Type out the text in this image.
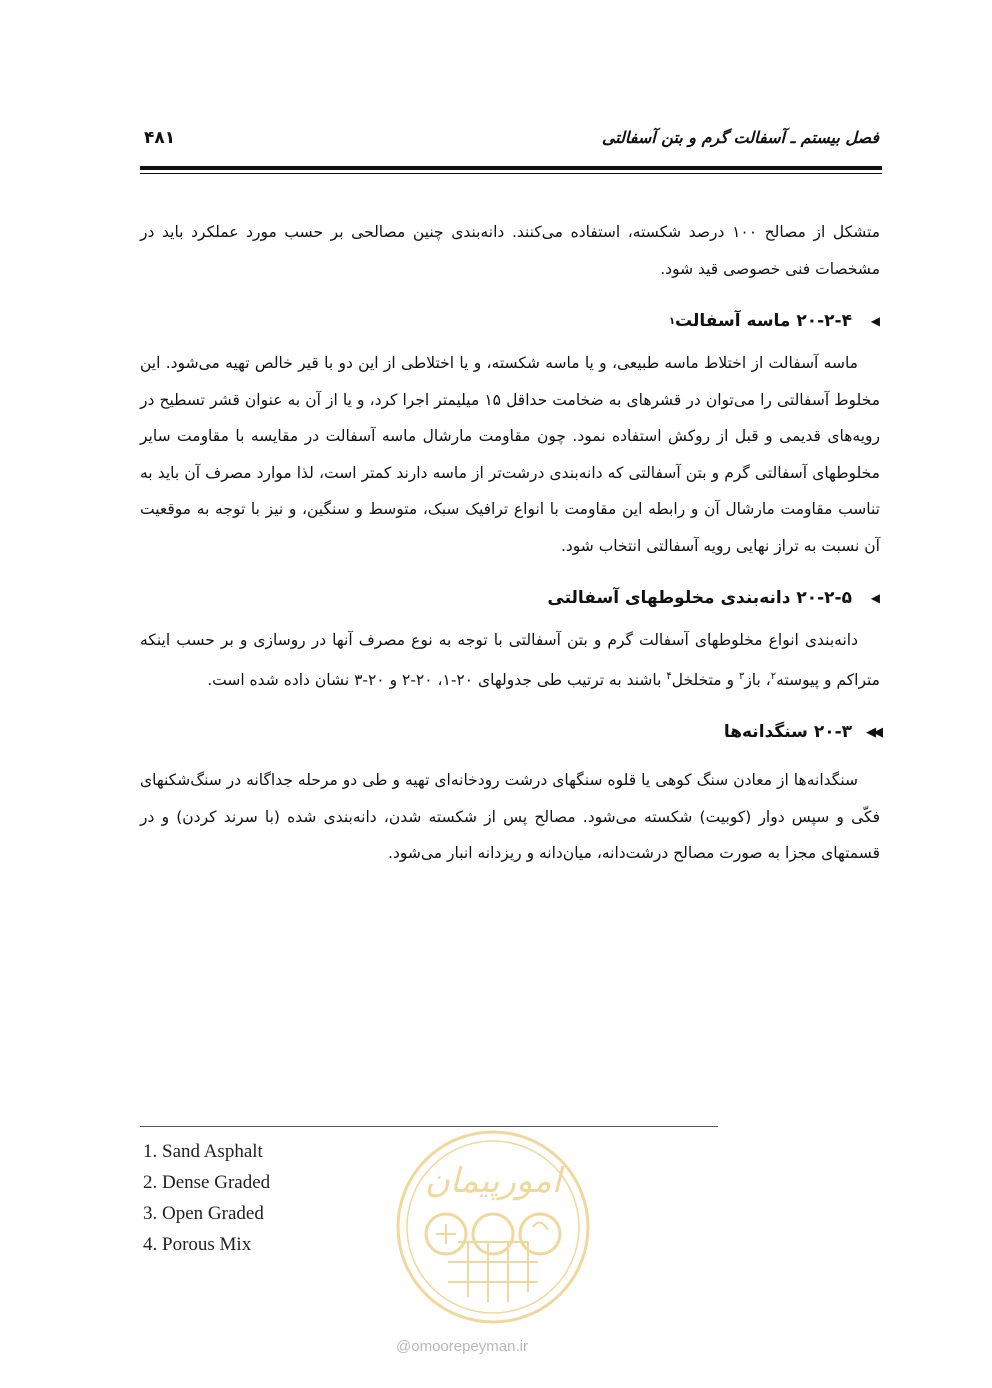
فصل بیستم ـ آسفالت گرم و بتن آسفالتی
۴۸۱

متشکل از مصالح ۱۰۰ درصد شکسته، استفاده می‌کنند. دانه‌بندی چنین مصالحی بر حسب مورد عملکرد باید در مشخصات فنی خصوصی قید شود.

◀
۲۰-۲-۴

ماسه آسفالت
۱

ماسه آسفالت از اختلاط ماسه طبیعی، و یا ماسه شکسته، و یا اختلاطی از این دو با قیر خالص تهیه می‌شود. این مخلوط آسفالتی را می‌توان در قشرهای به ضخامت حداقل ۱۵ میلیمتر اجرا کرد، و یا از آن به عنوان قشر تسطیح در رویه‌های قدیمی و قبل از روکش استفاده نمود. چون مقاومت مارشال ماسه آسفالت در مقایسه با مقاومت سایر مخلوطهای آسفالتی گرم و بتن آسفالتی که دانه‌بندی درشت‌تر از ماسه دارند کمتر است، لذا موارد مصرف آن باید به تناسب مقاومت مارشال آن و رابطه این مقاومت با انواع ترافیک سبک، متوسط و سنگین، و نیز با توجه به موقعیت آن نسبت به تراز نهایی رویه آسفالتی انتخاب شود.

◀
۲۰-۲-۵

دانه‌بندی مخلوطهای آسفالتی

دانه‌بندی انواع مخلوطهای آسفالت گرم و بتن آسفالتی با توجه به نوع مصرف آنها در روسازی و بر حسب اینکه متراکم و پیوسته$^۲$، باز$^۳$ و متخلخل$^۴$ باشند به ترتیب طی جدولهای ۲۰-۱، ۲۰-۲ و ۲۰-۳ نشان داده شده است.

◀◀
۲۰-۳

سنگدانه‌ها

سنگدانه‌ها از معادن سنگ کوهی یا قلوه سنگهای درشت رودخانه‌ای تهیه و طی دو مرحله جداگانه در سنگ‌شکنهای فکّی و سپس دوار (کوبیت) شکسته می‌شود. مصالح پس از شکسته شدن، دانه‌بندی شده (با سرند کردن) و در قسمتهای مجزا به صورت مصالح درشت‌دانه، میان‌دانه و ریزدانه انبار می‌شود.

1. Sand Asphalt
2. Dense Graded
3. Open Graded
4. Porous Mix
امورپیمان
@omoorepeyman.ir
